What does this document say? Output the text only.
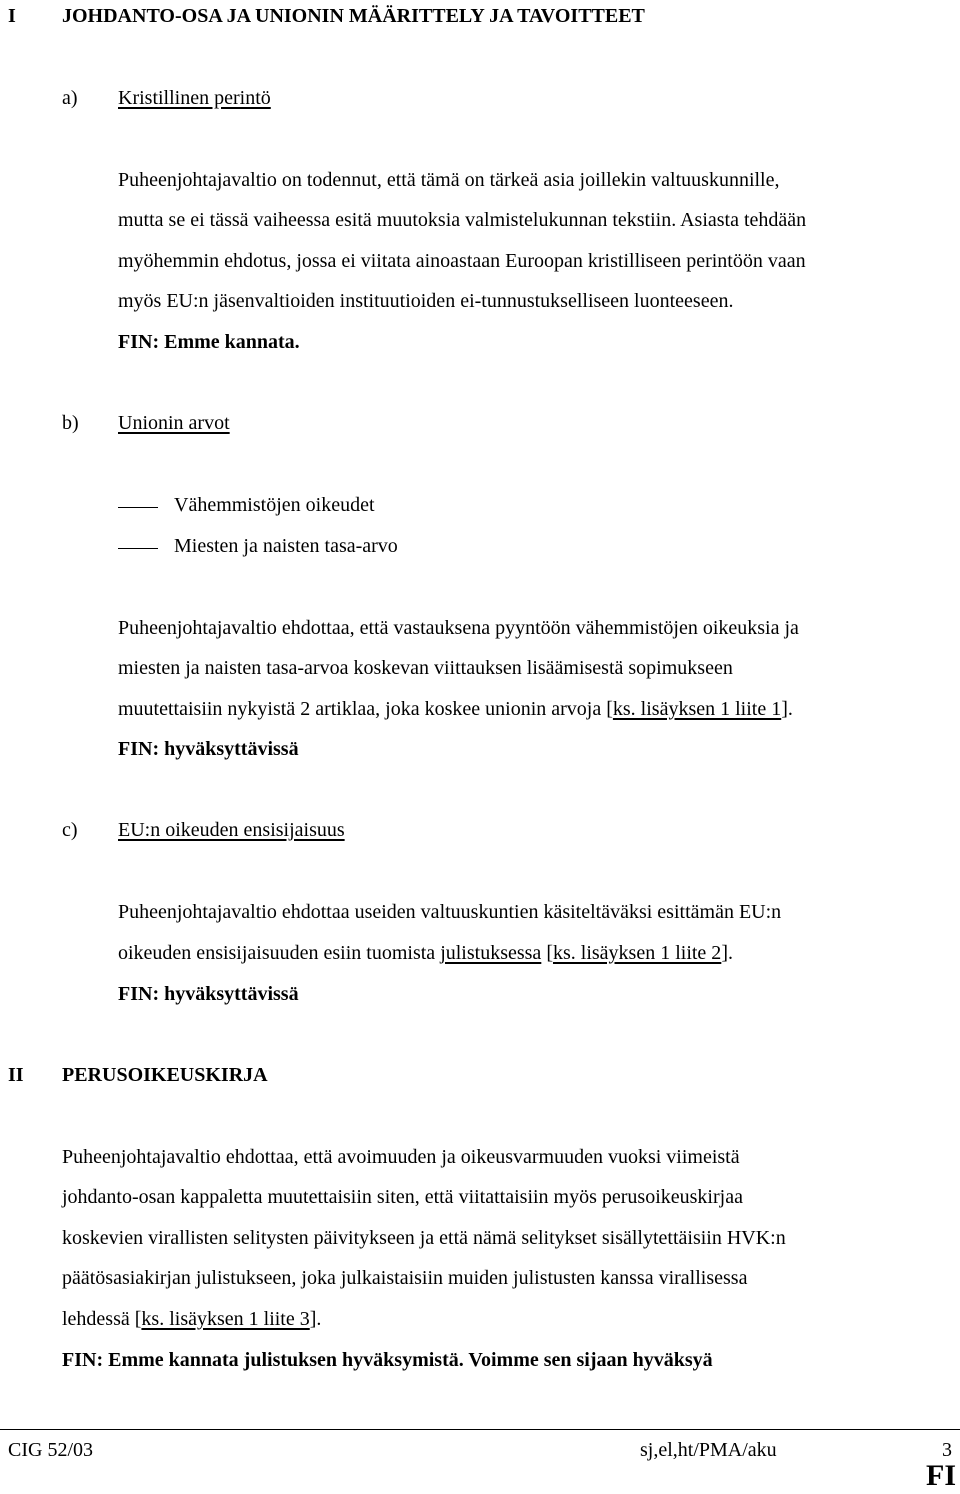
I JOHDANTO-OSA JA UNIONIN MÄÄRITTELY JA TAVOITTEET
a) Kristillinen perintö
Puheenjohtajavaltio on todennut, että tämä on tärkeä asia joillekin valtuuskunnille,
mutta se ei tässä vaiheessa esitä muutoksia valmistelukunnan tekstiin. Asiasta tehdään
myöhemmin ehdotus, jossa ei viitata ainoastaan Euroopan kristilliseen perintöön vaan
myös EU:n jäsenvaltioiden instituutioiden ei-tunnustukselliseen luonteeseen.
FIN: Emme kannata.
b) Unionin arvot
Vähemmistöjen oikeudet
Miesten ja naisten tasa-arvo
Puheenjohtajavaltio ehdottaa, että vastauksena pyyntöön vähemmistöjen oikeuksia ja
miesten ja naisten tasa-arvoa koskevan viittauksen lisäämisestä sopimukseen
muutettaisiin nykyistä 2 artiklaa, joka koskee unionin arvoja [ks. lisäyksen 1 liite 1].
FIN: hyväksyttävissä
c) EU:n oikeuden ensisijaisuus
Puheenjohtajavaltio ehdottaa useiden valtuuskuntien käsiteltäväksi esittämän EU:n
oikeuden ensisijaisuuden esiin tuomista julistuksessa [ks. lisäyksen 1 liite 2].
FIN: hyväksyttävissä
II PERUSOIKEUSKIRJA
Puheenjohtajavaltio ehdottaa, että avoimuuden ja oikeusvarmuuden vuoksi viimeistä
johdanto-osan kappaletta muutettaisiin siten, että viitattaisiin myös perusoikeuskirjaa
koskevien virallisten selitysten päivitykseen ja että nämä selitykset sisällytettäisiin HVK:n
päätösasiakirjan julistukseen, joka julkaistaisiin muiden julistusten kanssa virallisessa
lehdessä [ks. lisäyksen 1 liite 3].
FIN: Emme kannata julistuksen hyväksymistä. Voimme sen sijaan hyväksyä
CIG 52/03	sj,el,ht/PMA/aku	3
FI
